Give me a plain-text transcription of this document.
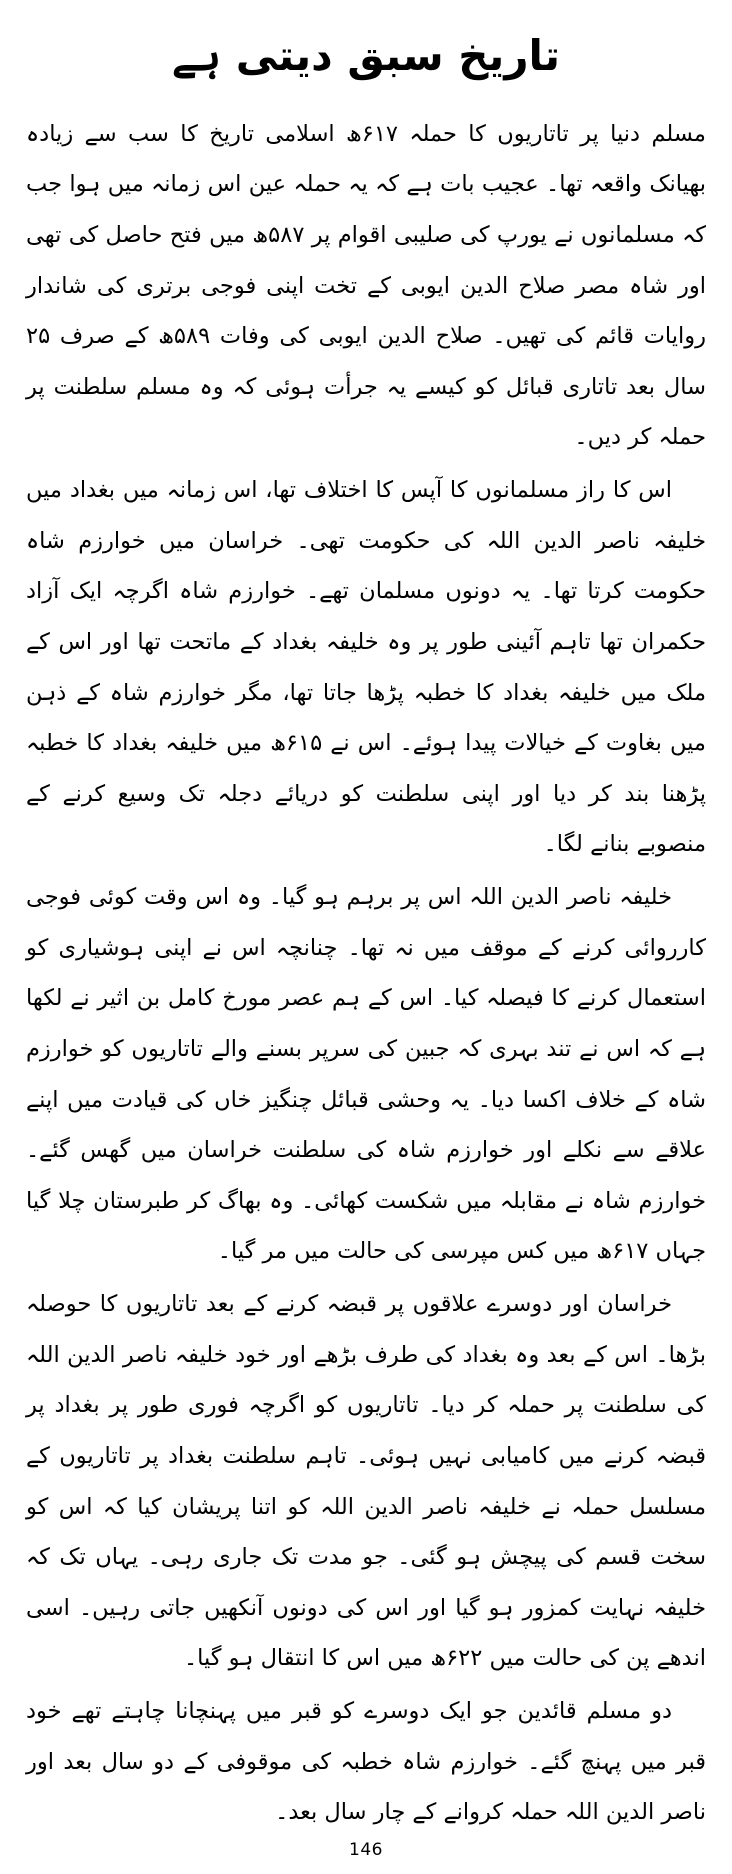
تاریخ سبق دیتی ہے

مسلم دنیا پر تاتاریوں کا حملہ ۶۱۷ھ اسلامی تاریخ کا سب سے زیادہ بھیانک واقعہ تھا۔ عجیب بات ہے کہ یہ حملہ عین اس زمانہ میں ہوا جب کہ مسلمانوں نے یورپ کی صلیبی اقوام پر ۵۸۷ھ میں فتح حاصل کی تھی اور شاہ مصر صلاح الدین ایوبی کے تخت اپنی فوجی برتری کی شاندار روایات قائم کی تھیں۔ صلاح الدین ایوبی کی وفات ۵۸۹ھ کے صرف ۲۵ سال بعد تاتاری قبائل کو کیسے یہ جرأت ہوئی کہ وہ مسلم سلطنت پر حملہ کر دیں۔

اس کا راز مسلمانوں کا آپس کا اختلاف تھا، اس زمانہ میں بغداد میں خلیفہ ناصر الدین اللہ کی حکومت تھی۔ خراسان میں خوارزم شاہ حکومت کرتا تھا۔ یہ دونوں مسلمان تھے۔ خوارزم شاہ اگرچہ ایک آزاد حکمران تھا تاہم آئینی طور پر وہ خلیفہ بغداد کے ماتحت تھا اور اس کے ملک میں خلیفہ بغداد کا خطبہ پڑھا جاتا تھا، مگر خوارزم شاہ کے ذہن میں بغاوت کے خیالات پیدا ہوئے۔ اس نے ۶۱۵ھ میں خلیفہ بغداد کا خطبہ پڑھنا بند کر دیا اور اپنی سلطنت کو دریائے دجلہ تک وسیع کرنے کے منصوبے بنانے لگا۔

خلیفہ ناصر الدین اللہ اس پر برہم ہو گیا۔ وہ اس وقت کوئی فوجی کارروائی کرنے کے موقف میں نہ تھا۔ چنانچہ اس نے اپنی ہوشیاری کو استعمال کرنے کا فیصلہ کیا۔ اس کے ہم عصر مورخ کامل بن اثیر نے لکھا ہے کہ اس نے تند بہری کہ جبین کی سرپر بسنے والے تاتاریوں کو خوارزم شاہ کے خلاف اکسا دیا۔ یہ وحشی قبائل چنگیز خاں کی قیادت میں اپنے علاقے سے نکلے اور خوارزم شاہ کی سلطنت خراسان میں گھس گئے۔ خوارزم شاہ نے مقابلہ میں شکست کھائی۔ وہ بھاگ کر طبرستان چلا گیا جہاں ۶۱۷ھ میں کس مپرسی کی حالت میں مر گیا۔

خراسان اور دوسرے علاقوں پر قبضہ کرنے کے بعد تاتاریوں کا حوصلہ بڑھا۔ اس کے بعد وہ بغداد کی طرف بڑھے اور خود خلیفہ ناصر الدین اللہ کی سلطنت پر حملہ کر دیا۔ تاتاریوں کو اگرچہ فوری طور پر بغداد پر قبضہ کرنے میں کامیابی نہیں ہوئی۔ تاہم سلطنت بغداد پر تاتاریوں کے مسلسل حملہ نے خلیفہ ناصر الدین اللہ کو اتنا پریشان کیا کہ اس کو سخت قسم کی پیچش ہو گئی۔ جو مدت تک جاری رہی۔ یہاں تک کہ خلیفہ نہایت کمزور ہو گیا اور اس کی دونوں آنکھیں جاتی رہیں۔ اسی اندھے پن کی حالت میں ۶۲۲ھ میں اس کا انتقال ہو گیا۔

دو مسلم قائدین جو ایک دوسرے کو قبر میں پہنچانا چاہتے تھے خود قبر میں پہنچ گئے۔ خوارزم شاہ خطبہ کی موقوفی کے دو سال بعد اور ناصر الدین اللہ حملہ کروانے کے چار سال بعد۔

146
